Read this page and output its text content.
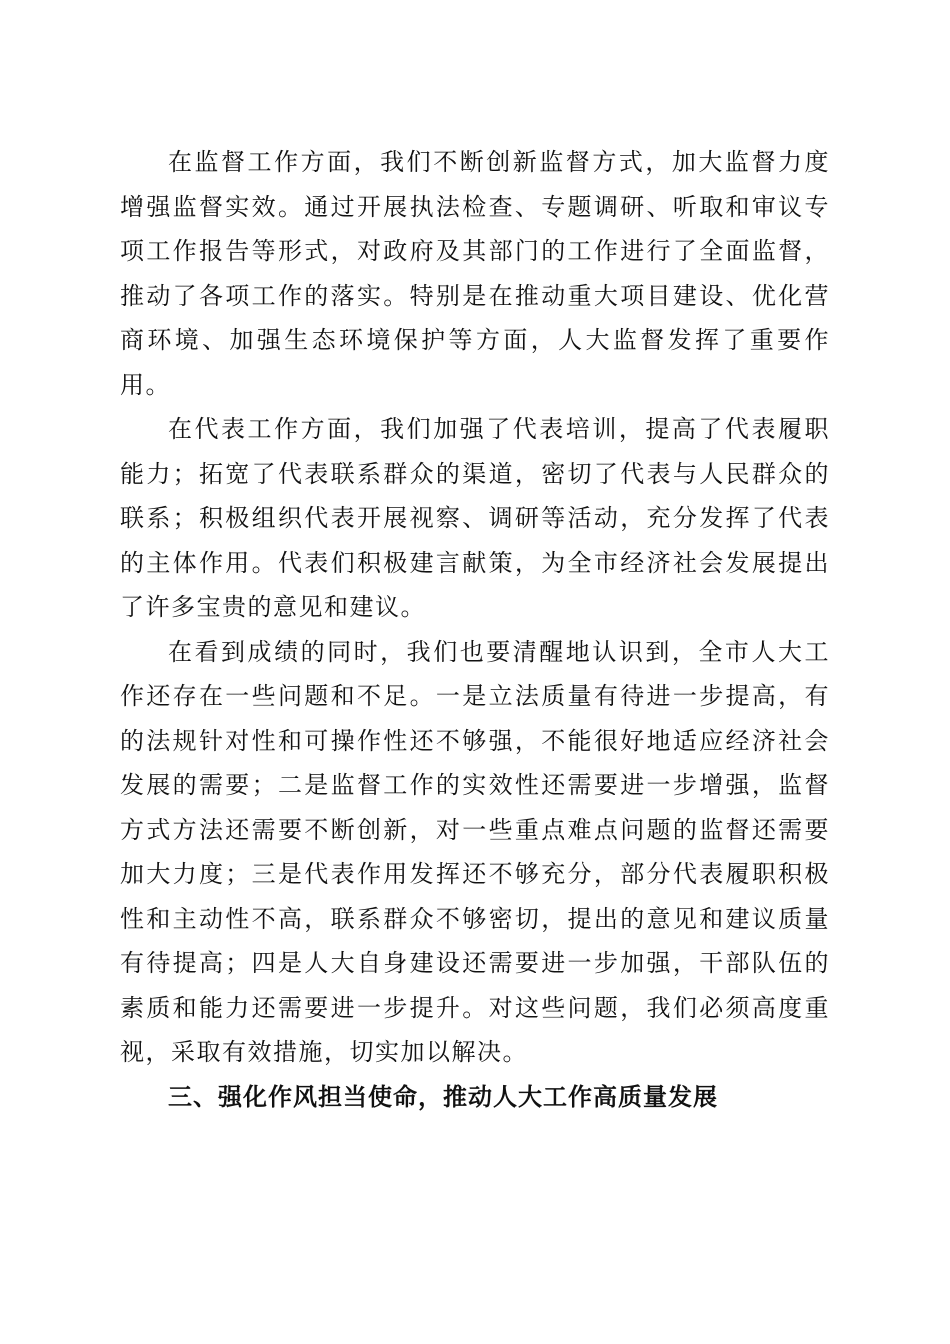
在监督工作方面，我们不断创新监督方式，加大监督力度增强监督实效。通过开展执法检查、专题调研、听取和审议专项工作报告等形式，对政府及其部门的工作进行了全面监督，推动了各项工作的落实。特别是在推动重大项目建设、优化营商环境、加强生态环境保护等方面，人大监督发挥了重要作用。

在代表工作方面，我们加强了代表培训，提高了代表履职能力；拓宽了代表联系群众的渠道，密切了代表与人民群众的联系；积极组织代表开展视察、调研等活动，充分发挥了代表的主体作用。代表们积极建言献策，为全市经济社会发展提出了许多宝贵的意见和建议。

在看到成绩的同时，我们也要清醒地认识到，全市人大工作还存在一些问题和不足。一是立法质量有待进一步提高，有的法规针对性和可操作性还不够强，不能很好地适应经济社会发展的需要；二是监督工作的实效性还需要进一步增强，监督方式方法还需要不断创新，对一些重点难点问题的监督还需要加大力度；三是代表作用发挥还不够充分，部分代表履职积极性和主动性不高，联系群众不够密切，提出的意见和建议质量有待提高；四是人大自身建设还需要进一步加强，干部队伍的素质和能力还需要进一步提升。对这些问题，我们必须高度重视，采取有效措施，切实加以解决。

三、强化作风担当使命，推动人大工作高质量发展
